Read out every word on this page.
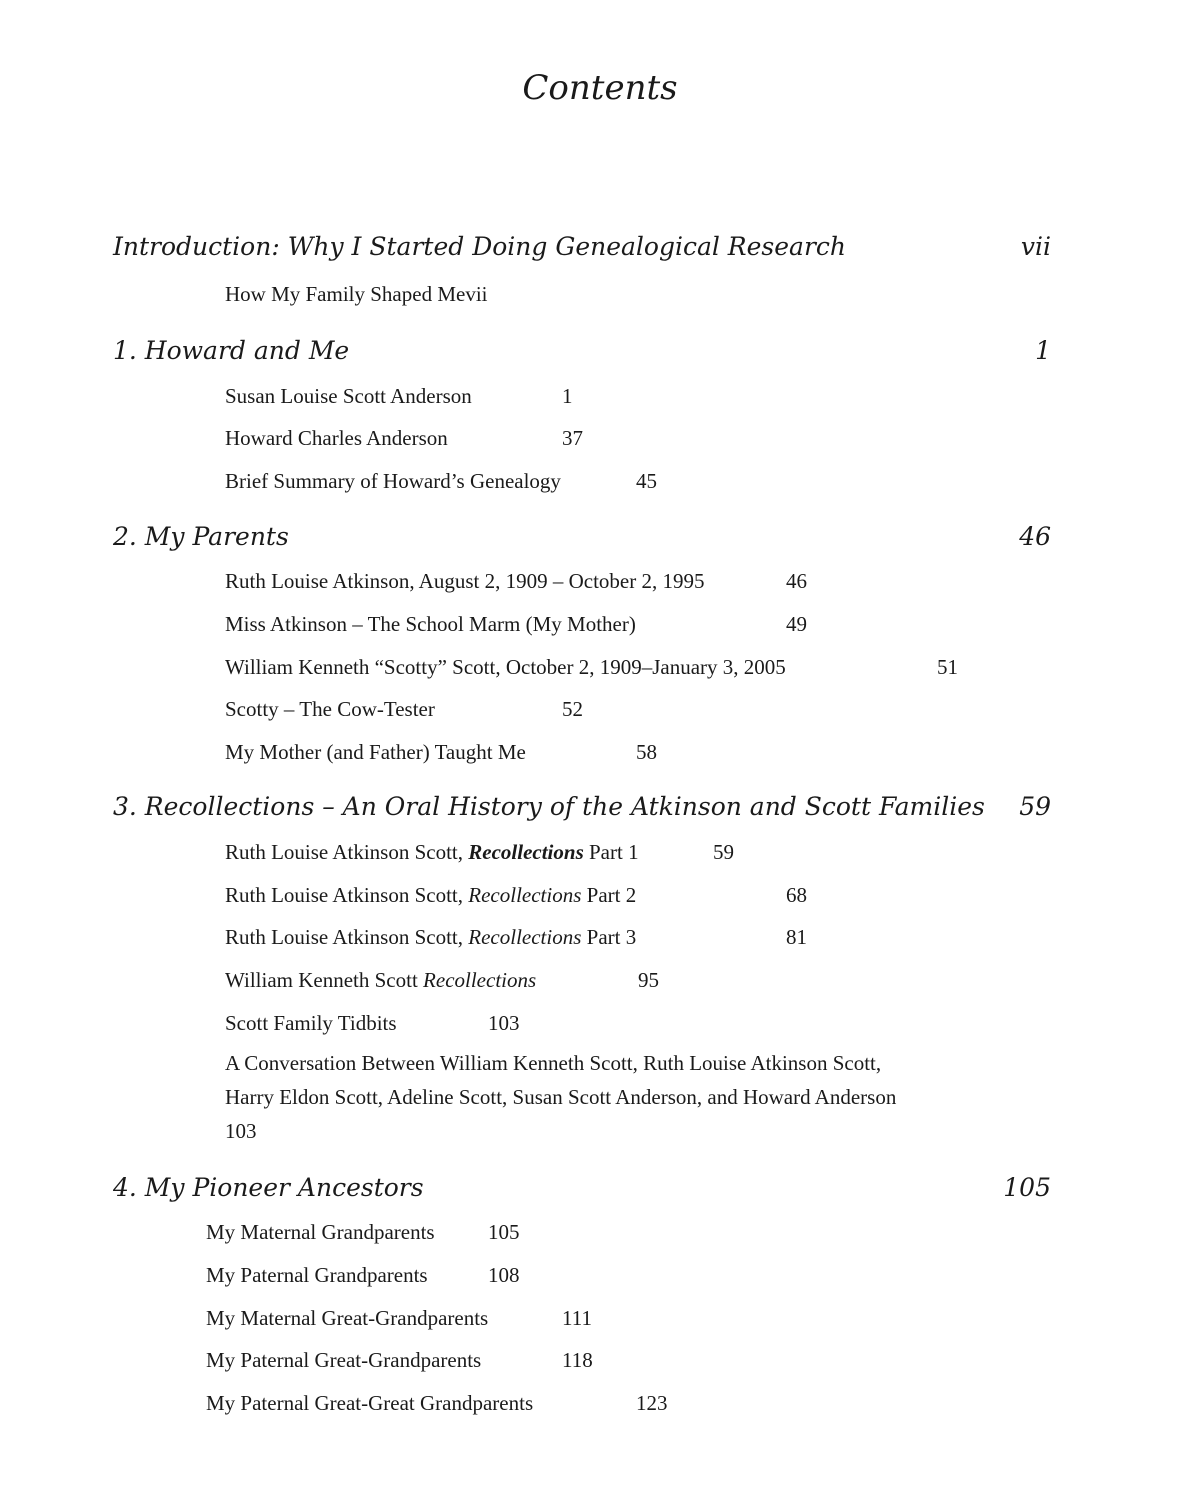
Contents
Introduction: Why I Started Doing Genealogical Research	vii
How My Family Shaped Mevii
1. Howard and Me	1
Susan Louise Scott Anderson	1
Howard Charles Anderson	37
Brief Summary of Howard’s Genealogy	45
2. My Parents	46
Ruth Louise Atkinson, August 2, 1909 – October 2, 1995	46
Miss Atkinson – The School Marm (My Mother)	49
William Kenneth “Scotty” Scott, October 2, 1909–January 3, 2005	51
Scotty – The Cow-Tester	52
My Mother (and Father) Taught Me	58
3. Recollections – An Oral History of the Atkinson and Scott Families 59
Ruth Louise Atkinson Scott, Recollections Part 1	59
Ruth Louise Atkinson Scott, Recollections Part 2	68
Ruth Louise Atkinson Scott, Recollections Part 3	81
William Kenneth Scott Recollections	95
Scott Family Tidbits	103
A Conversation Between William Kenneth Scott, Ruth Louise Atkinson Scott,
Harry Eldon Scott, Adeline Scott, Susan Scott Anderson, and Howard Anderson
103
4. My Pioneer Ancestors	105
My Maternal Grandparents	105
My Paternal Grandparents	108
My Maternal Great-Grandparents	111
My Paternal Great-Grandparents	118
My Paternal Great-Great Grandparents	123
